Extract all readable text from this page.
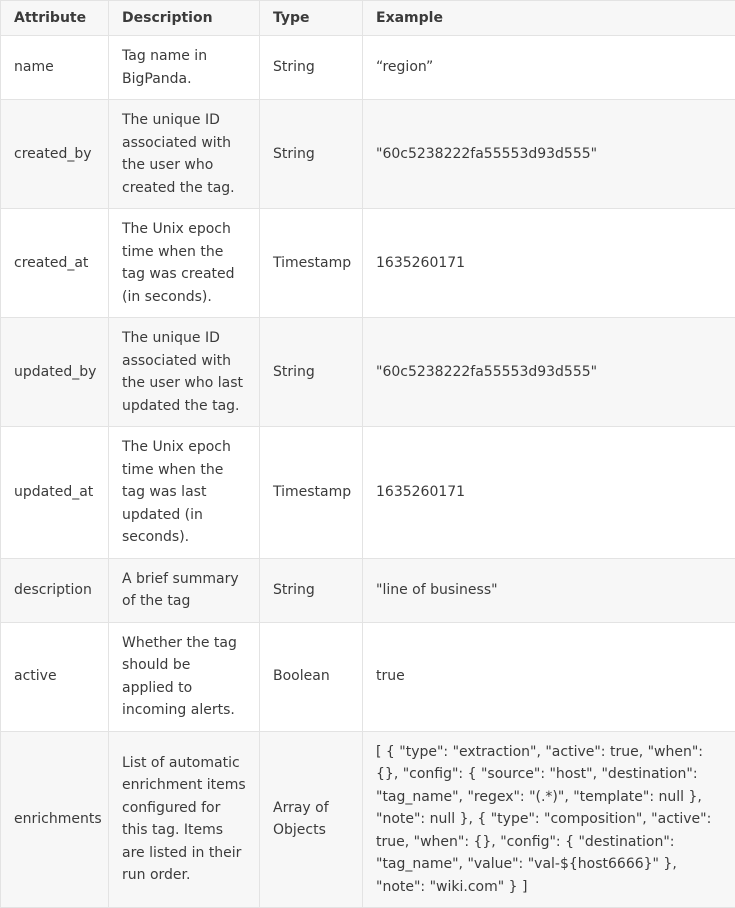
Attribute	Description	Type	Example
name	Tag name in BigPanda.	String	“region”
created_by	The unique ID associated with the user who created the tag.	String	"60c5238222fa55553d93d555"
created_at	The Unix epoch time when the tag was created (in seconds).	Timestamp	1635260171
updated_by	The unique ID associated with the user who last updated the tag.	String	"60c5238222fa55553d93d555"
updated_at	The Unix epoch time when the tag was last updated (in seconds).	Timestamp	1635260171
description	A brief summary of the tag	String	"line of business"
active	Whether the tag should be applied to incoming alerts.	Boolean	true
enrichments	List of automatic enrichment items configured for this tag. Items are listed in their run order.	Array of Objects	[ { "type": "extraction", "active": true, "when": {}, "config": { "source": "host", "destination": "tag_name", "regex": "(.*)", "template": null }, "note": null }, { "type": "composition", "active": true, "when": {}, "config": { "destination": "tag_name", "value": "val-${host6666}" }, "note": "wiki.com" } ]
